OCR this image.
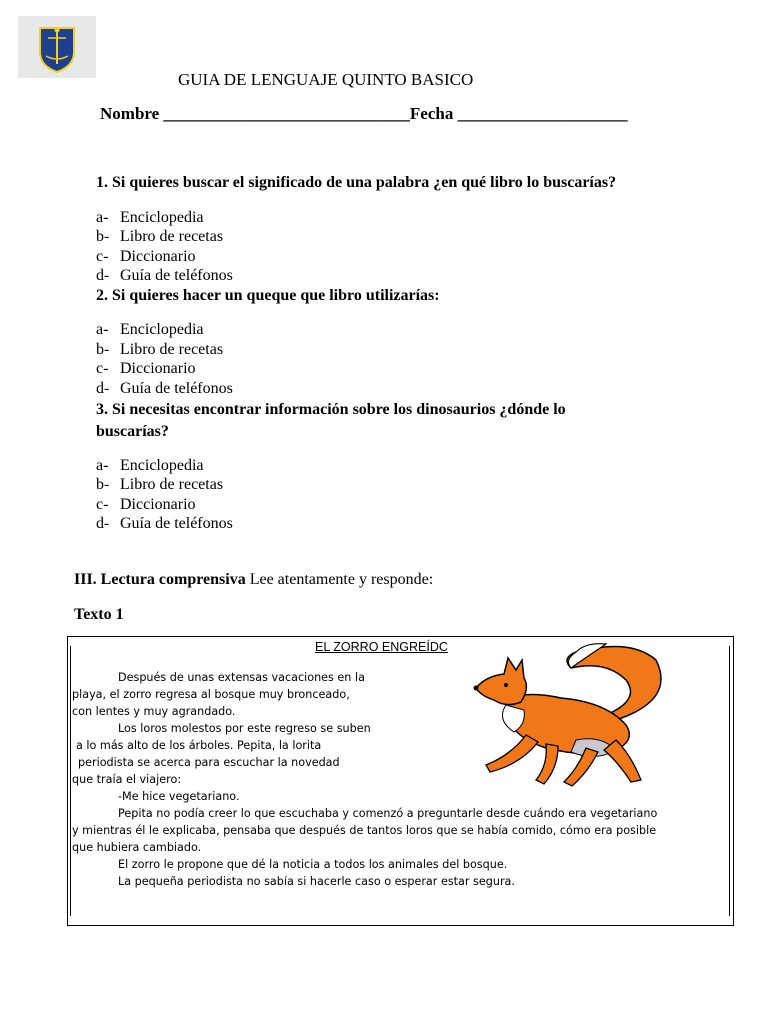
GUIA DE LENGUAJE QUINTO BASICO
Nombre _____________________________Fecha ____________________
1. Si quieres buscar el significado de una palabra ¿en qué libro lo buscarías?
a- Enciclopedia
b- Libro de recetas
c- Diccionario
d- Guía de teléfonos
2. Si quieres hacer un queque que libro utilizarías:
a- Enciclopedia
b- Libro de recetas
c- Diccionario
d- Guía de teléfonos
3. Si necesitas encontrar información sobre los dinosaurios ¿dónde lo
buscarías?
a- Enciclopedia
b- Libro de recetas
c- Diccionario
d- Guía de teléfonos
III. Lectura comprensiva Lee atentamente y responde:
Texto 1
EL ZORRO ENGREÍDC
Después de unas extensas vacaciones en la
playa, el zorro regresa al bosque muy bronceado,
con lentes y muy agrandado.
Los loros molestos por este regreso se suben
a lo más alto de los árboles. Pepita, la lorita
periodista se acerca para escuchar la novedad
que traía el viajero:
-Me hice vegetariano.
Pepita no podía creer lo que escuchaba y comenzó a preguntarle desde cuándo era vegetariano
y mientras él le explicaba, pensaba que después de tantos loros que se había comido, cómo era posible
que hubiera cambiado.
El zorro le propone que dé la noticia a todos los animales del bosque.
La pequeña periodista no sabía si hacerle caso o esperar estar segura.
